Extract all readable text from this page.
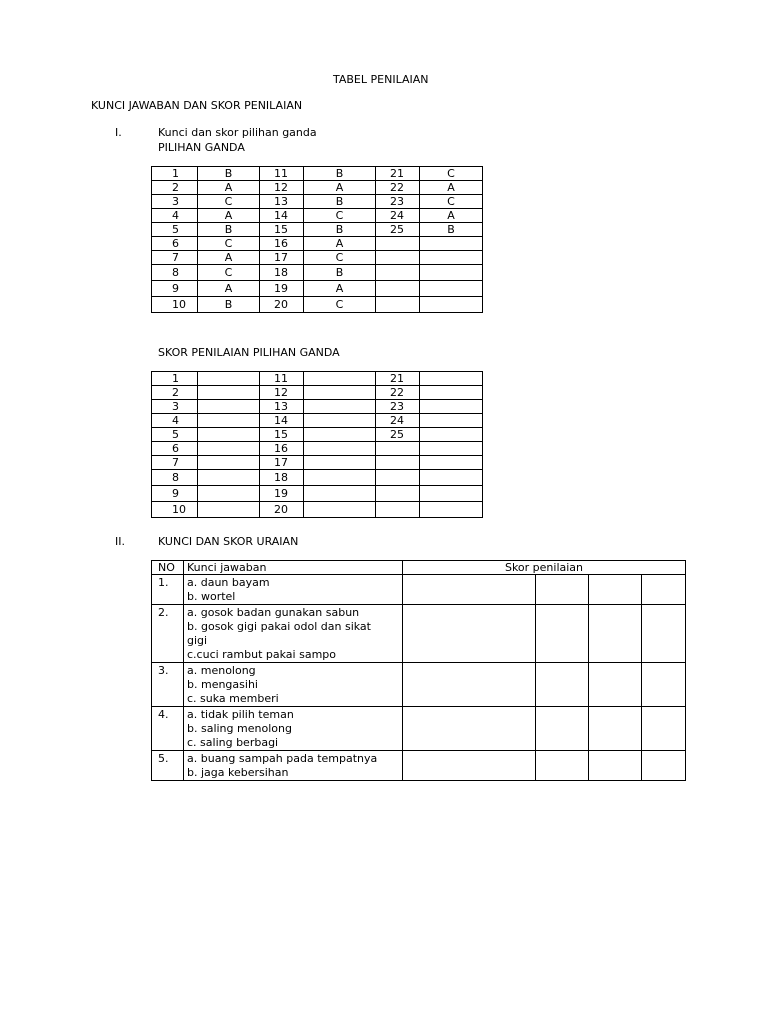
TABEL PENILAIAN
KUNCI JAWABAN DAN SKOR PENILAIAN
I.	Kunci dan skor pilihan ganda
PILIHAN GANDA
1	B	11	B	21	C
2	A	12	A	22	A
3	C	13	B	23	C
4	A	14	C	24	A
5	B	15	B	25	B
6	C	16	A		
7	A	17	C		
8	C	18	B		
9	A	19	A		
10	B	20	C		
SKOR PENILAIAN PILIHAN GANDA
1		11		21	
2		12		22	
3		13		23	
4		14		24	
5		15		25	
6		16			
7		17			
8		18			
9		19			
10		20			
II.	KUNCI DAN SKOR URAIAN
NO	Kunci jawaban	Skor penilaian			
1.	a. daun bayam
b. wortel				

2.	a. gosok badan gunakan sabun
b. gosok gigi pakai odol dan sikat
gigi
c.cuci rambut pakai sampo				

3.	a. menolong
b. mengasihi
c. suka memberi				

4.	a. tidak pilih teman
b. saling menolong
c. saling berbagi				

5.	a. buang sampah pada tempatnya
b. jaga kebersihan				
